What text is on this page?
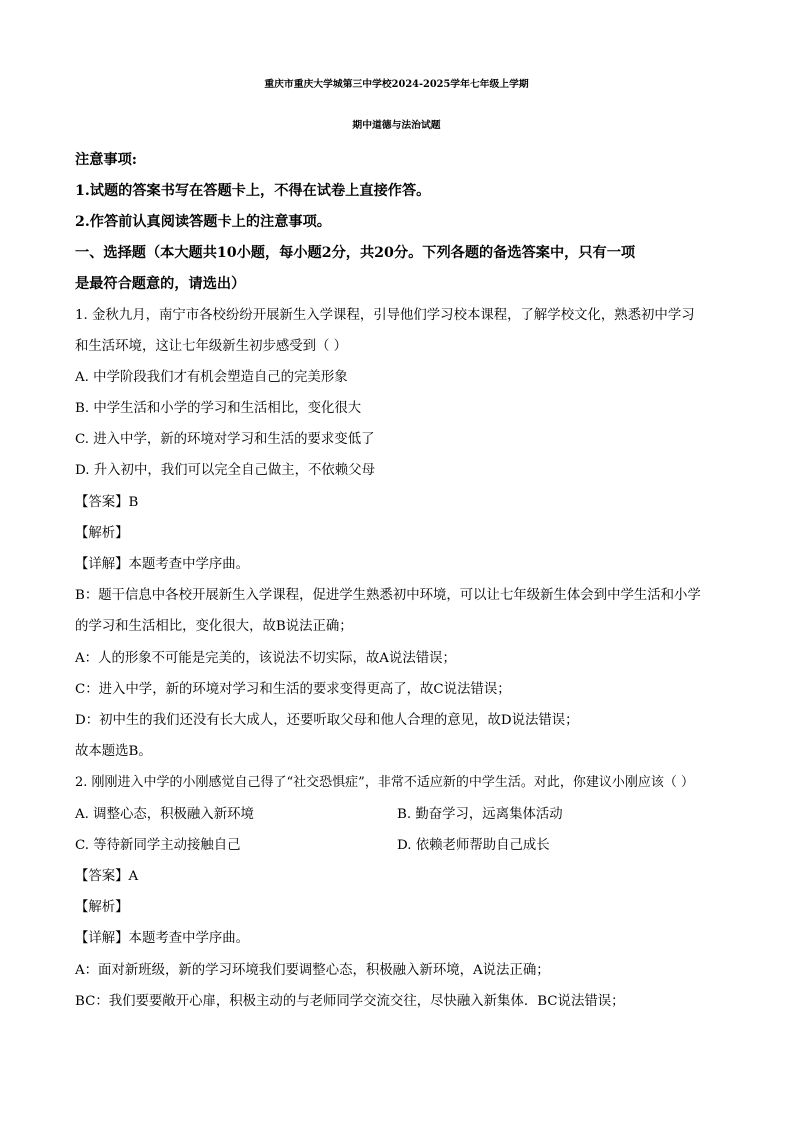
重庆市重庆大学城第三中学校2024-2025学年七年级上学期
期中道德与法治试题
注意事项:
1.试题的答案书写在答题卡上，不得在试卷上直接作答。
2.作答前认真阅读答题卡上的注意事项。
一、选择题（本大题共10小题，每小题2分，共20分。下列各题的备选答案中，只有一项
是最符合题意的，请选出）
1. 金秋九月，南宁市各校纷纷开展新生入学课程，引导他们学习校本课程，了解学校文化，熟悉初中学习
和生活环境，这让七年级新生初步感受到（ ）
A. 中学阶段我们才有机会塑造自己的完美形象
B. 中学生活和小学的学习和生活相比，变化很大
C. 进入中学，新的环境对学习和生活的要求变低了
D. 升入初中，我们可以完全自己做主，不依赖父母
【答案】B
【解析】
【详解】本题考查中学序曲。
B：题干信息中各校开展新生入学课程，促进学生熟悉初中环境，可以让七年级新生体会到中学生活和小学
的学习和生活相比，变化很大，故B说法正确；
A：人的形象不可能是完美的，该说法不切实际，故A说法错误；
C：进入中学，新的环境对学习和生活的要求变得更高了，故C说法错误；
D：初中生的我们还没有长大成人，还要听取父母和他人合理的意见，故D说法错误；
故本题选B。
2. 刚刚进入中学的小刚感觉自己得了“社交恐惧症”，非常不适应新的中学生活。对此，你建议小刚应该（ ）
A. 调整心态，积极融入新环境	B. 勤奋学习，远离集体活动
C. 等待新同学主动接触自己	D. 依赖老师帮助自己成长
【答案】A
【解析】
【详解】本题考查中学序曲。
A：面对新班级，新的学习环境我们要调整心态，积极融入新环境，A说法正确；
BC：我们要要敞开心扉，积极主动的与老师同学交流交往，尽快融入新集体．BC说法错误；
